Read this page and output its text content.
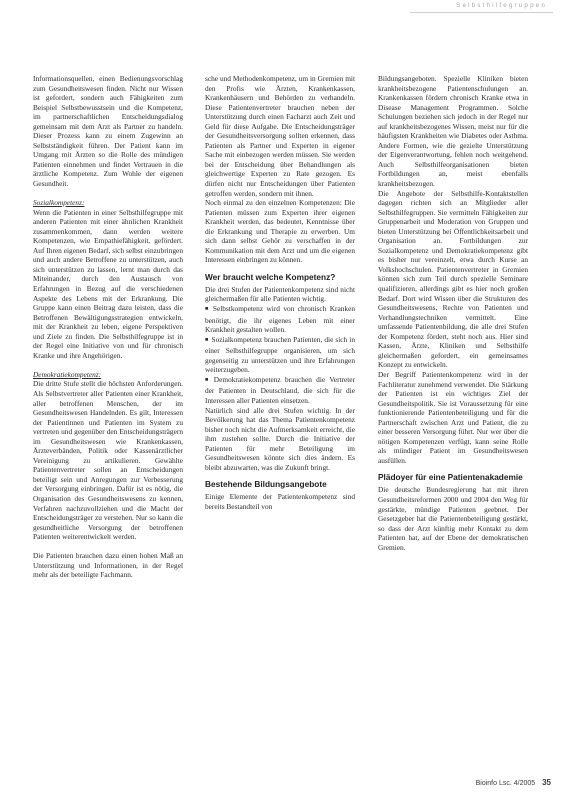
Selbsthilfegruppen

Informationsquellen, einen Bedienungsvorschlag zum Gesundheitswesen finden. Nicht nur Wissen ist gefordert, sondern auch Fähigkeiten zum Beispiel Selbstbewusstsein und die Kompetenz, im partnerschaftlichen Entscheidungsdialog gemeinsam mit dem Arzt als Partner zu handeln. Dieser Prozess kann zu einem Zugewinn an Selbstständigkeit führen. Der Patient kann im Umgang mit Ärzten so die Rolle des mündigen Patienten einnehmen und findet Vertrauen in die ärztliche Kompetenz. Zum Wohle der eigenen Gesundheit.

Sozialkompetenz:

Wenn die Patienten in einer Selbsthilfegruppe mit anderen Patienten mit einer ähnlichen Krankheit zusammenkommen, dann werden weitere Kompetenzen, wie Empathiefähigkeit, gefördert. Auf Ihren eigenen Bedarf, sich selbst einzubringen und auch andere Betroffene zu unterstützen, auch sich unterstützen zu lassen, lernt man durch das Miteinander, durch den Austausch von Erfahrungen in Bezug auf die verschiedenen Aspekte des Lebens mit der Erkrankung. Die Gruppe kann einen Beitrag dazu leisten, dass die Betroffenen Bewältigungsstrategien entwickeln, mit der Krankheit zu leben, eigene Perspektiven und Ziele zu finden. Die Selbsthilfegruppe ist in der Regel eine Initiative von und für chronisch Kranke und ihre Angehörigen.

Demokratiekompetenz:

Die dritte Stufe stellt die höchsten Anforderungen. Als Selbstvertreter aller Patienten einer Krankheit, aller betroffenen Menschen, der im Gesundheitswesen Handelnden. Es gilt, Interessen der Patientinnen und Patienten im System zu vertreten und gegenüber den Entscheidungsträgern im Gesundheitswesen wie Krankenkassen, Ärzteverbänden, Politik oder Kassenärztlicher Vereinigung zu artikulieren. Gewählte Patientenvertreter sollen an Entscheidungen beteiligt sein und Anregungen zur Verbesserung der Versorgung einbringen. Dafür ist es nötig, die Organisation des Gesundheitswesens zu kennen, Verfahren nachzuvollziehen und die Macht der Entscheidungsträger zu verstehen. Nur so kann die gesundheitliche Versorgung der betroffenen Patienten weiterentwickelt werden.

Die Patienten brauchen dazu einen hohen Maß an Unterstützung und Informationen, in der Regel mehr als der beteiligte Fachmann.

sche und Methodenkompetenz, um in Gremien mit den Profis wie Ärzten, Krankenkassen, Krankenhäusern und Behörden zu verhandeln. Diese Patientenvertreter brauchen neben der Unterstützung durch einen Facharzt auch Zeit und Geld für diese Aufgabe. Die Entscheidungsträger der Gesundheitsversorgung sollten erkennen, dass Patienten als Partner und Experten in eigener Sache mit einbezogen werden müssen. Sie werden bei der Entscheidung über Behandlungen als gleichwertige Experten zu Rate gezogen. Es dürfen nicht nur Entscheidungen über Patienten getroffen werden, sondern mit ihnen.

Noch einmal zu den einzelnen Kompetenzen: Die Patienten müssen zum Experten ihrer eigenen Krankheit werden, das bedeutet, Kenntnisse über die Erkrankung und Therapie zu erwerben. Um sich dann selbst Gehör zu verschaffen in der Kommunikation mit dem Arzt und um die eigenen Interessen einbringen zu können.

Wer braucht welche Kompetenz?

Die drei Stufen der Patientenkompetenz sind nicht gleichermaßen für alle Patienten wichtig.

■ Selbstkompetenz wird von chronisch Kranken benötigt, die ihr eigenes Leben mit einer Krankheit gestalten wollen.

■ Sozialkompetenz brauchen Patienten, die sich in einer Selbsthilfegruppe organisieren, um sich gegenseitig zu unterstützen und ihre Erfahrungen weiterzugeben.

■ Demokratiekompetenz brauchen die Vertreter der Patienten in Deutschland, die sich für die Interessen aller Patienten einsetzen.

Natürlich sind alle drei Stufen wichtig. In der Bevölkerung hat das Thema Patientenkompetenz bisher noch nicht die Aufmerksamkeit erreicht, die ihm zustehen sollte. Durch die Initiative der Patienten für mehr Beteiligung im Gesundheitswesen könnte sich dies ändern. Es bleibt abzuwarten, was die Zukunft bringt.

Bestehende Bildungsangebote

Einige Elemente der Patientenkompetenz sind bereits Bestandteil von

Bildungsangeboten. Spezielle Kliniken bieten krankheitsbezogene Patientenschulungen an. Krankenkassen fördern chronisch Kranke etwa in Disease Management Programmen. Solche Schulungen beziehen sich jedoch in der Regel nur auf krankheitsbezogenes Wissen, meist nur für die häufigsten Krankheiten wie Diabetes oder Asthma. Andere Formen, wie die gezielte Unterstützung der Eigenverantwortung, fehlen noch weitgehend. Auch Selbsthilfeorganisationen bieten Fortbildungen an, meist ebenfalls krankheitsbezogen.

Die Angebote der Selbsthilfe-Kontaktstellen dagegen richten sich an Mitglieder aller Selbsthilfegruppen. Sie vermitteln Fähigkeiten zur Gruppenarbeit und Moderation von Gruppen und bieten Unterstützung bei Öffentlichkeitsarbeit und Organisation an. Fortbildungen zur Sozialkompetenz und Demokratiekompetenz gibt es bisher nur vereinzelt, etwa durch Kurse an Volkshochschulen. Patientenvertreter in Gremien können sich zum Teil durch spezielle Seminare qualifizieren, allerdings gibt es hier noch großen Bedarf. Dort wird Wissen über die Strukturen des Gesundheitswesens, Rechte von Patienten und Verhandlungstechniken vermittelt. Eine umfassende Patientenbildung, die alle drei Stufen der Kompetenz fördert, steht noch aus. Hier sind Kassen, Ärzte, Kliniken und Selbsthilfe gleichermaßen gefordert, ein gemeinsames Konzept zu entwickeln.

Der Begriff Patientenkompetenz wird in der Fachliteratur zunehmend verwendet. Die Stärkung der Patienten ist ein wichtiges Ziel der Gesundheitspolitik. Sie ist Voraussetzung für eine funktionierende Patientenbeteiligung und für die Partnerschaft zwischen Arzt und Patient, die zu einer besseren Versorgung führt. Nur wer über die nötigen Kompetenzen verfügt, kann seine Rolle als mündiger Patient im Gesundheitswesen ausfüllen.

Plädoyer für eine Patientenakademie

Die deutsche Bundesregierung hat mit ihren Gesundheitsreformen 2000 und 2004 den Weg für gestärkte, mündige Patienten geebnet. Der Gesetzgeber hat die Patientenbeteiligung gestärkt, so dass der Arzt künftig mehr Kontakt zu dem Patienten hat, auf der Ebene der demokratischen Gremien.

Bioinfo Lsc. 4/2005 35
